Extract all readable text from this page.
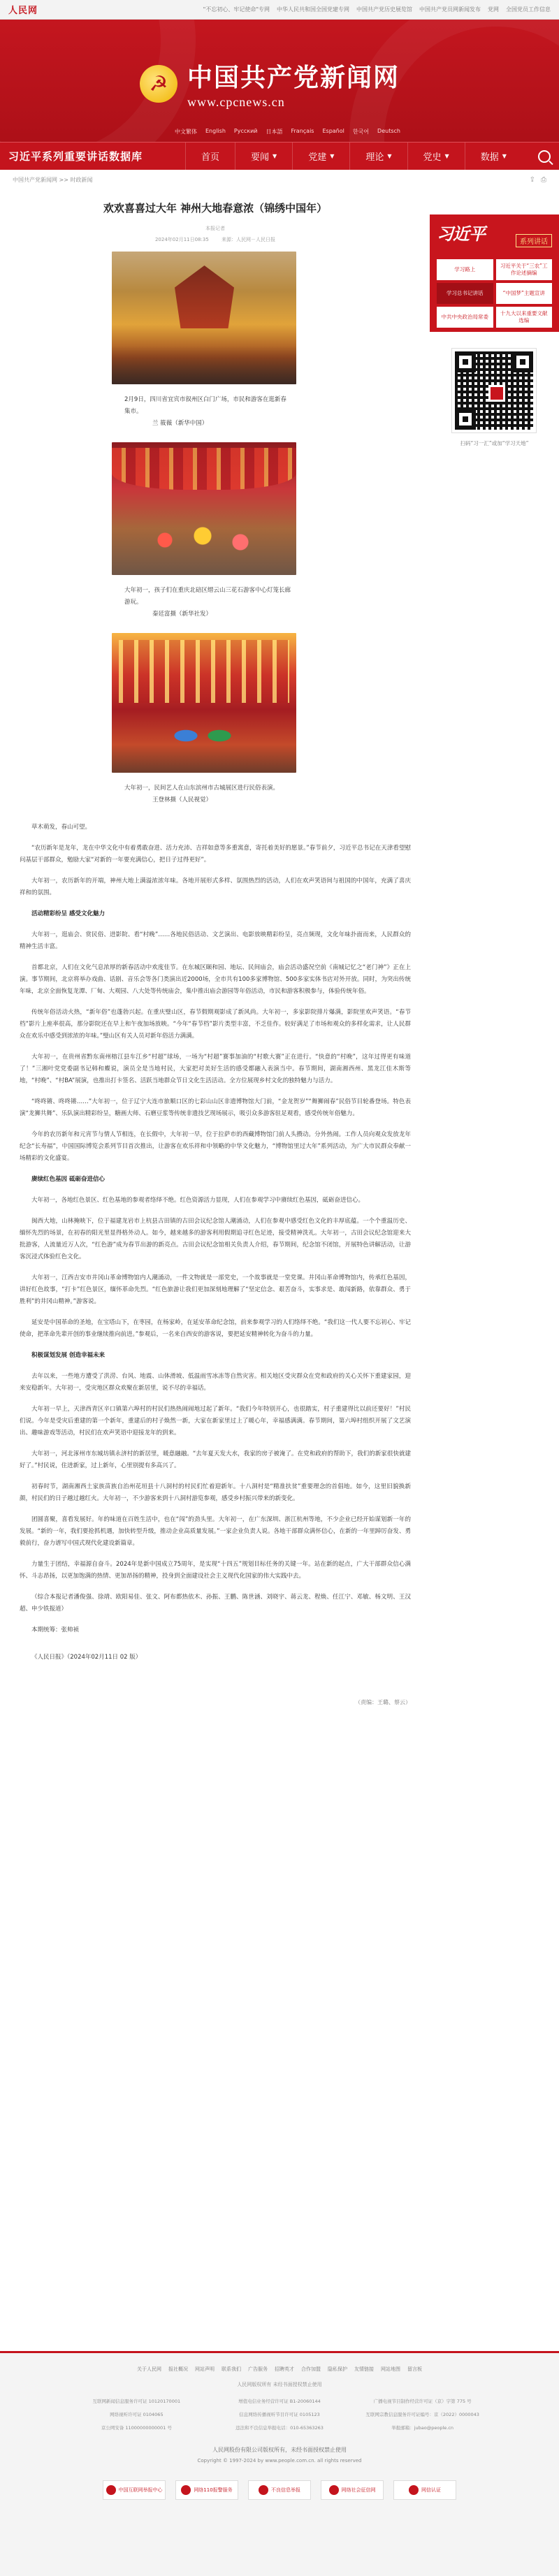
人民网	"不忘初心、牢记使命"专网 中华人民共和国全国党建专网 中国共产党历史展览馆 中国共产党员网新闻发布 党网 全国党员工作信息
☭ 中国共产党新闻网
www.cpcnews.cn
中文繁体 English Русский 日本語 Français Español 한국어 Deutsch
习近平系列重要讲话数据库	首页	要闻 ▼	党建 ▼	理论 ▼	党史 ▼	数据 ▼
中国共产党新闻网 >> 时政新闻	⇪ ⎙
欢欢喜喜过大年 神州大地春意浓（锦绣中国年）
本报记者
2024年02月11日08:35	来源：人民网－人民日报
2月9日，四川省宜宾市叙州区白门广场，市民和游客在逛新春集市。
兰 筱薇（新华中国）
大年初一，孩子们在重庆北碚区缙云山三花石游客中心灯笼长廊游玩。
秦廷富摄（新华社发）
大年初一，民间艺人在山东滨州市古城展区进行民俗表演。
王登林摄（人民视觉）

草木萌发，春山可望。

“农历新年是龙年，龙在中华文化中有着勇敢奋进、活力充沛、吉祥如意等多重寓意，寄托着美好的愿景。”春节前夕，习近平总书记在天津看望慰问基层干部群众，勉励大家“对新的一年要充满信心，把日子过得更好”。

大年初一，农历新年的开端，神州大地上满溢浓浓年味。各地开展形式多样、氛围热烈的活动，人们在欢声笑语间与祖国的中国年，充满了喜庆祥和的氛围。

活动精彩纷呈 感受文化魅力

大年初一，逛庙会、赏民俗、进影院、看“村晚”……各地民俗活动、文艺演出、电影放映精彩纷呈，亮点频现，文化年味扑面而来，人民群众的精神生活丰富。

首都北京，人们在文化气息浓厚的新春活动中欢度佳节。在东城区颐和园、地坛、民间庙会，庙会活动盛况空前《南城记忆之“老门神”》正在上演。事节期间，北京将举办戏曲、话剧、音乐会等各门类演出近2000场，全市共有100多家博物馆、500多家实体书店对外开放。同时，为突出传统年味，北京全面恢复龙潭、厂甸、大观园、八大处等传统庙会，集中推出庙会游园等年俗活动，市民和游客积极参与，体验传统年俗。

传统年俗活动火热，“新年俗”也蓬勃兴起。在重庆璧山区，春节假期观影成了新风尚。大年初一，多家影院排片爆满，影院里欢声笑语。“春节档”影片上座率很高，那分影院还在早上和午夜加场放映。“今年“春节档”影片类型丰富，不乏佳作。较好满足了市场和观众的多样化需求，让人民群众在欢乐中感受到浓浓的年味。”璧山区有关人员对新年俗活力满满。

大年初一，在贵州省黔东南州榕江县车江乡“村超”球场，一场为“村超”赛事加油的“村歌大赛”正在进行。“快意的“村晚”，这年过得更有味道了！”三湘叶党党委副书记韩和蝶说，演员全是当地村民，大家把对美好生活的感受都融入表演当中。春节期间，湖南湘西州、黑龙江佳木斯等地，“村晚”、“村BA”展演，也推出打卡签名、活跃当地群众节日文化生活活动。全方位展现乡村文化的独特魅力与活力。

“咚咚锵、咚咚锵……”大年初一，位于辽宁大连市旅顺口区的七彩山山区非遗博物馆大门前，“金龙贺岁”“舞狮闹春”民俗节目轮番登场。特色表演“龙狮共舞”、乐队演出精彩纷呈，糖画大师、石磨豆浆等传统非遗技艺现场展示，吸引众多游客驻足观看，感受传统年俗魅力。

今年的农历新年和元宵节与情人节相连，在长假中，大年初一早，位于拉萨市的西藏博物馆门前人头攒动。分外热闹。工作人员向观众发放龙年纪念“长寿福”，中国国际博览会系列节目首次推出，让游客在欢乐祥和中领略的中华文化魅力，“博物馆里过大年”系列活动，为广大市民群众奉献一场精彩的文化盛宴。

赓续红色基因 砥砺奋进信心

大年初一，各地红色景区、红色基地的参观者络绎不绝。红色资源活力显现，人们在参观学习中赓续红色基因，砥砺奋进信心。

闽西大地，山林掩映下，位于福建龙岩市上杭县古田镇的古田会议纪念馆人潮涌动，人们在参观中感受红色文化的丰厚底蕴。一个个重温历史、缅怀先烈的场景，在初春的阳光里显得格外动人。如今，越来越多的游客利用假期追寻红色足迹，接受精神洗礼。大年初一，古田会议纪念馆迎来大批游客，人流量近万人次，“红色游”成为春节出游的新亮点。古田会议纪念馆相关负责人介绍，春节期间，纪念馆不闭馆，开展特色讲解活动，让游客沉浸式体验红色文化。

大年初一，江西吉安市井冈山革命博物馆内人潮涌动，一件文物就是一部党史，一个故事就是一堂党课。井冈山革命博物馆内，传承红色基因，讲好红色故事，“打卡”红色景区，缅怀革命先烈。“红色旅游让我们更加深刻地理解了“坚定信念、艰苦奋斗，实事求是、敢闯新路，依靠群众、勇于胜利”的井冈山精神。”游客说。

延安是中国革命的圣地，在宝塔山下，在枣园，在杨家岭，在延安革命纪念馆，前来参观学习的人们络绎不绝。“我们这一代人要不忘初心、牢记使命，把革命先辈开创的事业继续推向前进。”参观后，一名来自西安的游客说，要把延安精神转化为奋斗的力量。

积极谋划发展 创造幸福未来

去年以来，一些地方遭受了洪涝、台风、地震、山体滑坡、低温雨雪冰冻等自然灾害。相关地区受灾群众在党和政府的关心关怀下重建家园，迎来安稳新年。大年初一，受灾地区群众欢聚在新居里，说不尽的幸福话。

大年初一早上，天津西青区辛口镇第六埠村的村民们热热闹闹地过起了新年。“我们今年特别开心，也很踏实，村子重建得比以前还要好！”村民们说。今年是受灾后重建的第一个新年，重建后的村子焕然一新，大家在新家里过上了暖心年，幸福感满满。春节期间，第六埠村组织开展了文艺演出、趣味游戏等活动，村民们在欢声笑语中迎接龙年的到来。

大年初一，河北涿州市东城坊镇永济村的新居里，暖意融融。“去年夏天发大水，我家的房子被淹了。在党和政府的帮助下，我们的新家很快就建好了。”村民说，住进新家，过上新年，心里别提有多高兴了。

初春时节，湖南湘西土家族苗族自治州花垣县十八洞村的村民们忙着迎新年。十八洞村是“精准扶贫”重要理念的首倡地。如今，这里旧貌换新颜，村民们的日子越过越红火。大年初一，不少游客来到十八洞村游览参观，感受乡村振兴带来的新变化。

团圆喜聚，喜看发展好。年的味道在百姓生活中，也在“闯”的劲头里。大年初一，在广东深圳、浙江杭州等地，不少企业已经开始谋划新一年的发展。“新的一年，我们要抢抓机遇，加快转型升级，推动企业高质量发展。”一家企业负责人说。各地干部群众满怀信心，在新的一年里踔厉奋发、勇毅前行，奋力谱写中国式现代化建设新篇章。

力量生于团结，幸福源自奋斗。2024年是新中国成立75周年，是实现“十四五”规划目标任务的关键一年。站在新的起点，广大干部群众信心满怀、斗志昂扬，以更加饱满的热情、更加昂扬的精神，投身到全面建设社会主义现代化国家的伟大实践中去。

（综合本报记者潘俊强、徐靖、欧阳易佳、张文、阿布都热依木、孙振、王鹏、陈世涵、刘晓宇、蒋云龙、程焕、任江宁、邓敏、杨文明、王汉超、申少铁报道）

本期统筹：张帅祯

《人民日报》（2024年02月11日 02 版）

（责编：王璐、蔡云）
习近平	系列讲话
学习路上
习近平关于“三农”工作论述摘编
学习总书记讲话	“中国梦”主题宣讲
中共中央政治局常委
十九大以来重要文献选编
扫码“习一汇”或加“学习天地”
关于人民网 报社概况 网站声明 联系我们 广告服务 招聘英才 合作加盟 隐私保护 友情链接 网站地图 留言板
人民网版权所有 未经书面授权禁止使用
互联网新闻信息服务许可证 10120170001	增值电信业务经营许可证 B1-20060144	广播电视节目制作经营许可证（京）字第 775 号
网络视听许可证 0104065	信息网络传播视听节目许可证 0105123	互联网宗教信息服务许可证编号：京（2022）0000043
京公网安备 11000000000001 号	违法和不良信息举报电话：010-65363263	举报邮箱：jubao@people.cn
人民网股份有限公司版权所有，未经书面授权禁止使用
Copyright © 1997-2024 by www.people.com.cn. all rights reserved
中国互联网举报中心	网络110报警服务	不良信息举报	网络社会征信网	网信认证
